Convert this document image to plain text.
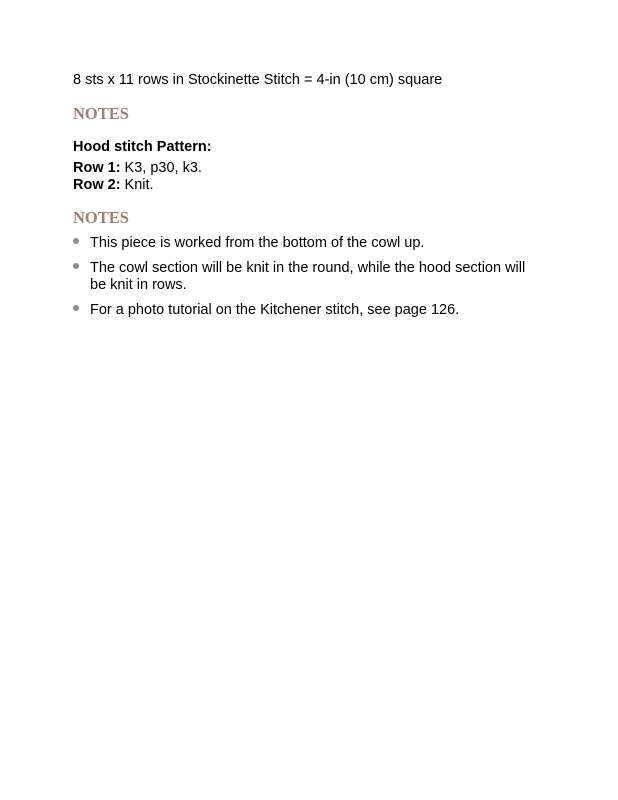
8 sts x 11 rows in Stockinette Stitch = 4-in (10 cm) square
NOTES
Hood stitch Pattern:
Row 1: K3, p30, k3.
Row 2: Knit.
NOTES
This piece is worked from the bottom of the cowl up.
The cowl section will be knit in the round, while the hood section will be knit in rows.
For a photo tutorial on the Kitchener stitch, see page 126.
